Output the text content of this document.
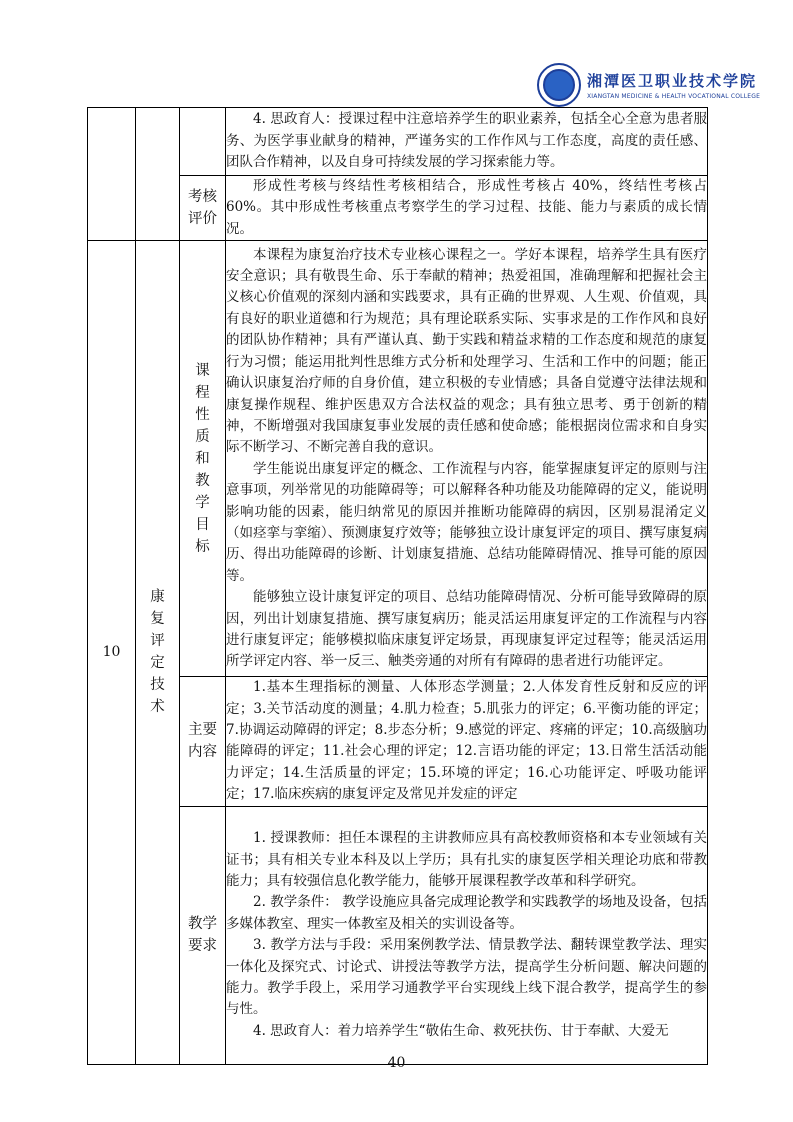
湘潭医卫职业技术学院
XIANGTAN MEDICINE & HEALTH VOCATIONAL COLLEGE

			4. 思政育人：授课过程中注意培养学生的职业素养，包括全心全意为患者服务、为医学事业献身的精神，严谨务实的工作作风与工作态度，高度的责任感、团队合作精神，以及自身可持续发展的学习探索能力等。

		考核评价	形成性考核与终结性考核相结合，形成性考核占 40%，终结性考核占 60%。其中形成性考核重点考察学生的学习过程、技能、能力与素质的成长情况。

10	康复评定技术	课程性质和教学目标	本课程为康复治疗技术专业核心课程之一。学好本课程，培养学生具有医疗安全意识；具有敬畏生命、乐于奉献的精神；热爱祖国，准确理解和把握社会主义核心价值观的深刻内涵和实践要求，具有正确的世界观、人生观、价值观，具有良好的职业道德和行为规范；具有理论联系实际、实事求是的工作作风和良好的团队协作精神；具有严谨认真、勤于实践和精益求精的工作态度和规范的康复行为习惯；能运用批判性思维方式分析和处理学习、生活和工作中的问题；能正确认识康复治疗师的自身价值，建立积极的专业情感；具备自觉遵守法律法规和康复操作规程、维护医患双方合法权益的观念；具有独立思考、勇于创新的精神，不断增强对我国康复事业发展的责任感和使命感；能根据岗位需求和自身实际不断学习、不断完善自我的意识。

学生能说出康复评定的概念、工作流程与内容，能掌握康复评定的原则与注意事项，列举常见的功能障碍等；可以解释各种功能及功能障碍的定义，能说明影响功能的因素，能归纳常见的原因并推断功能障碍的病因，区别易混淆定义（如痉挛与挛缩）、预测康复疗效等；能够独立设计康复评定的项目、撰写康复病历、得出功能障碍的诊断、计划康复措施、总结功能障碍情况、推导可能的原因等。

能够独立设计康复评定的项目、总结功能障碍情况、分析可能导致障碍的原因，列出计划康复措施、撰写康复病历；能灵活运用康复评定的工作流程与内容进行康复评定；能够模拟临床康复评定场景，再现康复评定过程等；能灵活运用所学评定内容、举一反三、触类旁通的对所有有障碍的患者进行功能评定。

		主要内容	1.基本生理指标的测量、人体形态学测量；2.人体发育性反射和反应的评定；3.关节活动度的测量；4.肌力检查；5.肌张力的评定；6.平衡功能的评定；7.协调运动障碍的评定；8.步态分析；9.感觉的评定、疼痛的评定；10.高级脑功能障碍的评定；11.社会心理的评定；12.言语功能的评定；13.日常生活活动能力评定；14.生活质量的评定；15.环境的评定；16.心功能评定、呼吸功能评定；17.临床疾病的康复评定及常见并发症的评定

		教学要求	1. 授课教师：担任本课程的主讲教师应具有高校教师资格和本专业领域有关证书；具有相关专业本科及以上学历；具有扎实的康复医学相关理论功底和带教能力；具有较强信息化教学能力，能够开展课程教学改革和科学研究。

2. 教学条件： 教学设施应具备完成理论教学和实践教学的场地及设备，包括多媒体教室、理实一体教室及相关的实训设备等。

3. 教学方法与手段：采用案例教学法、情景教学法、翻转课堂教学法、理实一体化及探究式、讨论式、讲授法等教学方法，提高学生分析问题、解决问题的能力。教学手段上，采用学习通教学平台实现线上线下混合教学，提高学生的参与性。

4. 思政育人：着力培养学生“敬佑生命、救死扶伤、甘于奉献、大爱无

40
